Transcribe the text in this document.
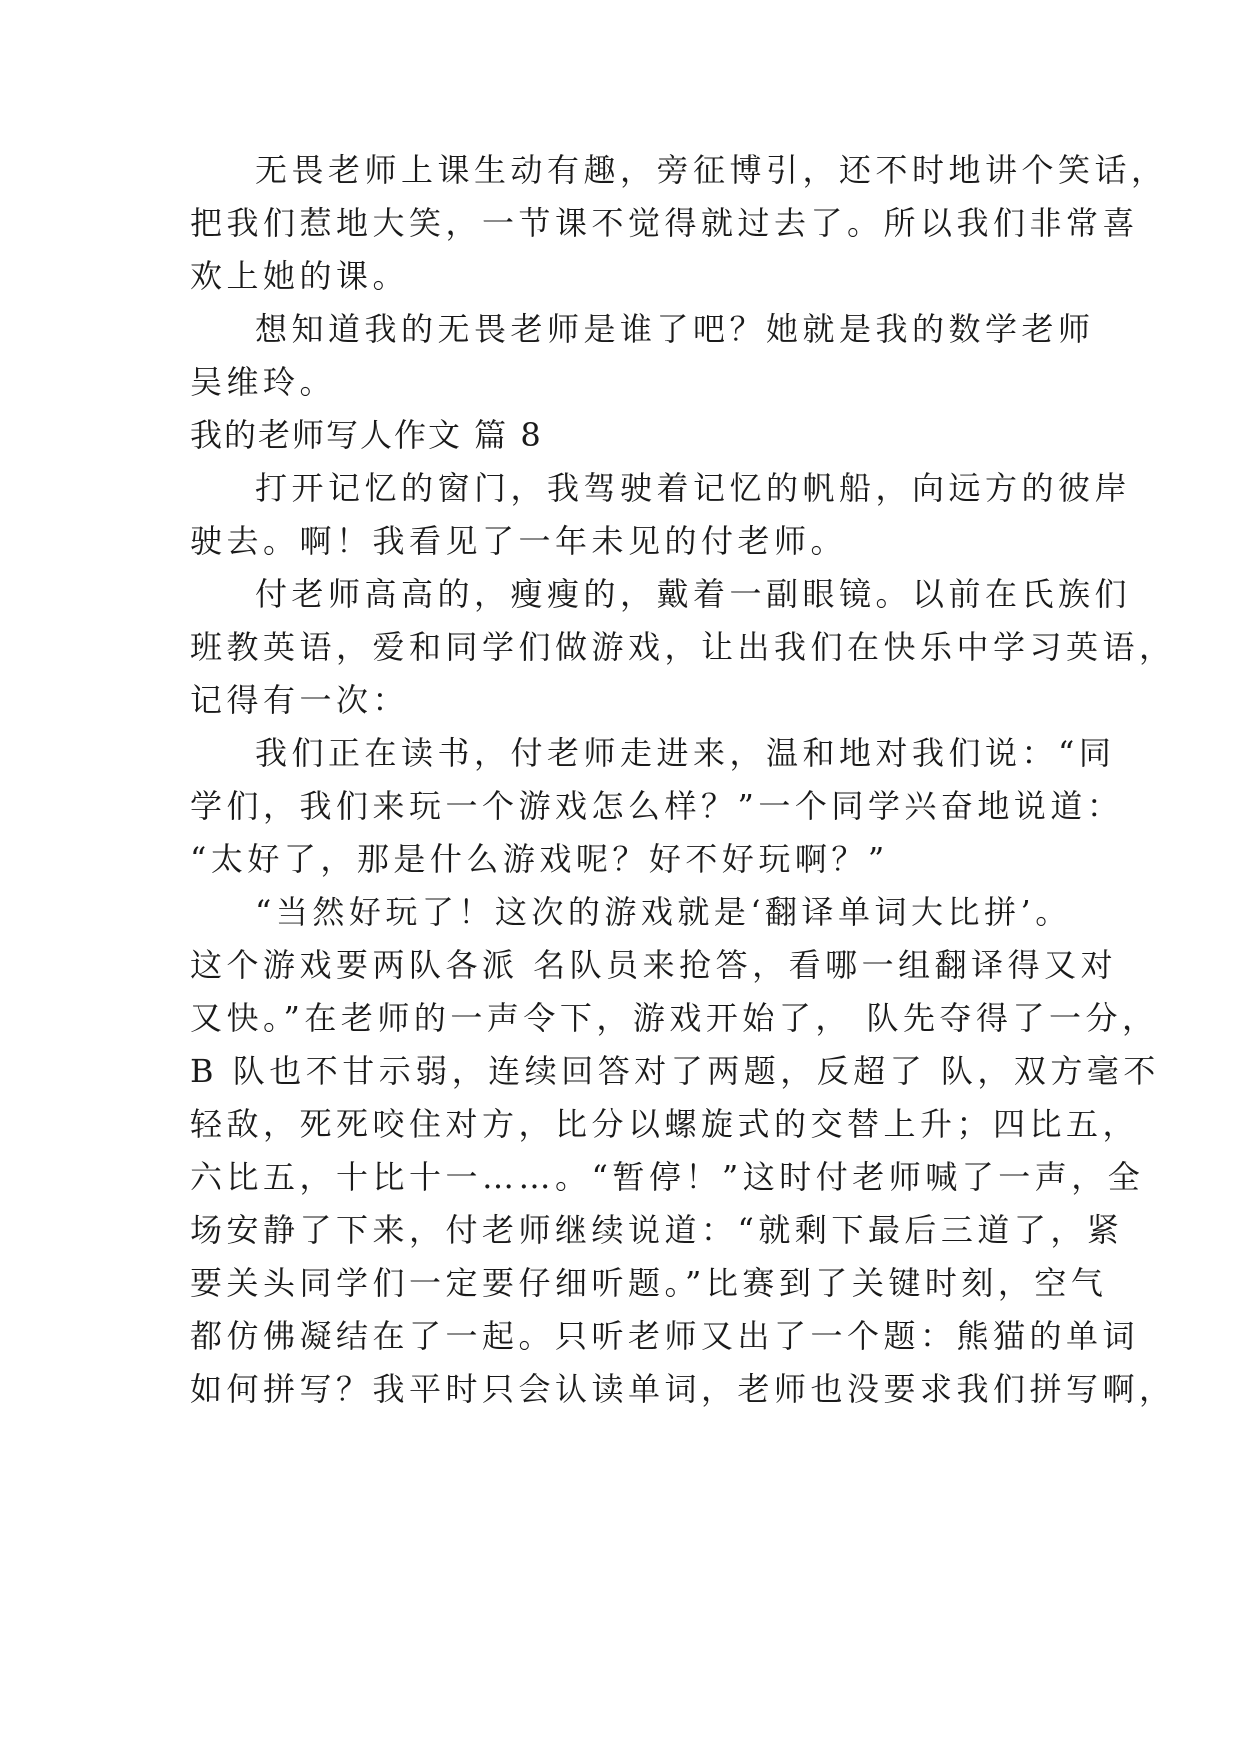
无畏老师上课生动有趣，旁征博引，还不时地讲个笑话，
把我们惹地大笑，一节课不觉得就过去了。所以我们非常喜
欢上她的课。
想知道我的无畏老师是谁了吧？她就是我的数学老师
吴维玲。
我的老师写人作文 篇 8
打开记忆的窗门，我驾驶着记忆的帆船，向远方的彼岸
驶去。啊！我看见了一年未见的付老师。
付老师高高的，瘦瘦的，戴着一副眼镜。以前在氏族们
班教英语，爱和同学们做游戏，让出我们在快乐中学习英语，
记得有一次：
我们正在读书，付老师走进来，温和地对我们说：“同
学们，我们来玩一个游戏怎么样？”一个同学兴奋地说道：
“太好了，那是什么游戏呢？好不好玩啊？”
“当然好玩了！这次的游戏就是‘翻译单词大比拼’。
这个游戏要两队各派 名队员来抢答，看哪一组翻译得又对
又快。”在老师的一声令下，游戏开始了， 队先夺得了一分，
B 队也不甘示弱，连续回答对了两题，反超了 队，双方毫不
轻敌，死死咬住对方，比分以螺旋式的交替上升；四比五，
六比五，十比十一……。“暂停！”这时付老师喊了一声，全
场安静了下来，付老师继续说道：“就剩下最后三道了，紧
要关头同学们一定要仔细听题。”比赛到了关键时刻，空气
都仿佛凝结在了一起。只听老师又出了一个题：熊猫的单词
如何拼写？我平时只会认读单词，老师也没要求我们拼写啊，
